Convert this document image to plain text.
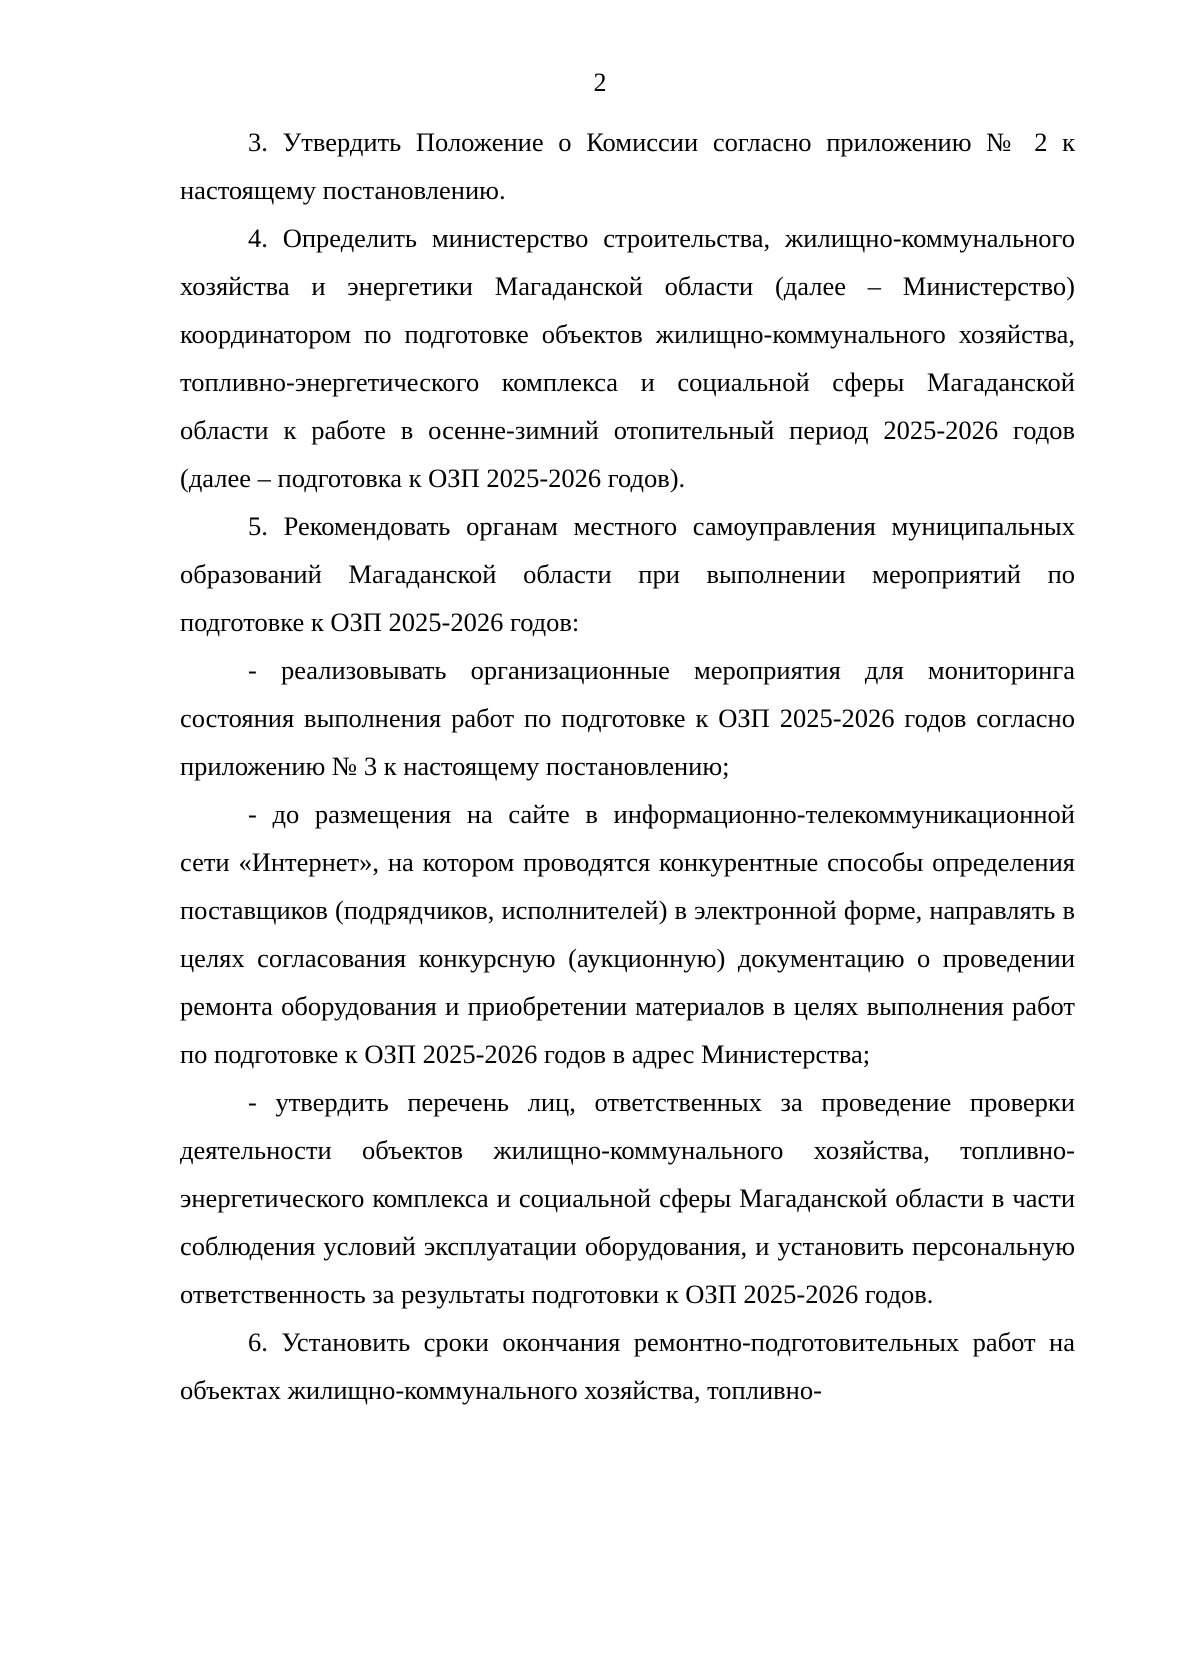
2

3. Утвердить Положение о Комиссии согласно приложению № 2 к настоящему постановлению.

4. Определить министерство строительства, жилищно-коммунального хозяйства и энергетики Магаданской области (далее – Министерство) координатором по подготовке объектов жилищно-коммунального хозяйства, топливно-энергетического комплекса и социальной сферы Магаданской области к работе в осенне-зимний отопительный период 2025-2026 годов (далее – подготовка к ОЗП 2025-2026 годов).

5. Рекомендовать органам местного самоуправления муниципальных образований Магаданской области при выполнении мероприятий по подготовке к ОЗП 2025-2026 годов:

- реализовывать организационные мероприятия для мониторинга состояния выполнения работ по подготовке к ОЗП 2025-2026 годов согласно приложению № 3 к настоящему постановлению;

- до размещения на сайте в информационно-телекоммуникационной сети «Интернет», на котором проводятся конкурентные способы определения поставщиков (подрядчиков, исполнителей) в электронной форме, направлять в целях согласования конкурсную (аукционную) документацию о проведении ремонта оборудования и приобретении материалов в целях выполнения работ по подготовке к ОЗП 2025-2026 годов в адрес Министерства;

- утвердить перечень лиц, ответственных за проведение проверки деятельности объектов жилищно-коммунального хозяйства, топливно-энергетического комплекса и социальной сферы Магаданской области в части соблюдения условий эксплуатации оборудования, и установить персональную ответственность за результаты подготовки к ОЗП 2025-2026 годов.

6. Установить сроки окончания ремонтно-подготовительных работ на объектах жилищно-коммунального хозяйства, топливно-
